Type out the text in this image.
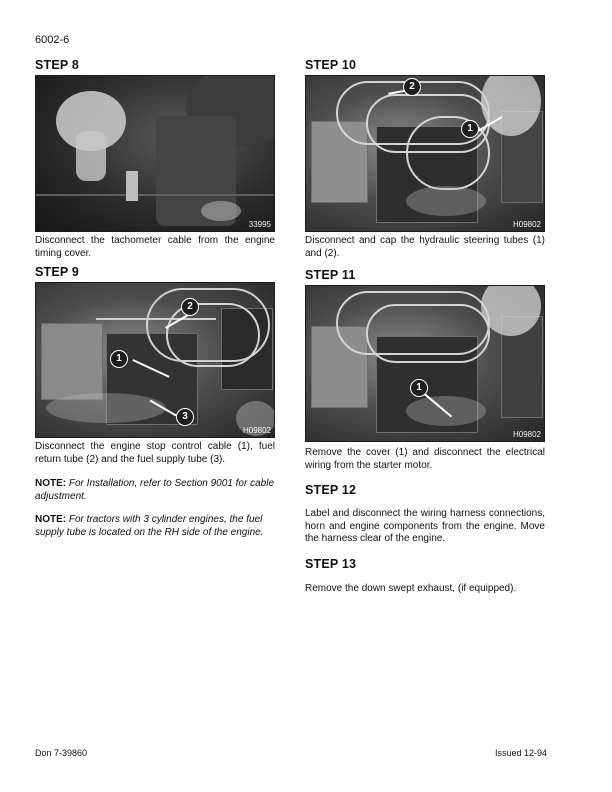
6002-6
STEP 8
33995
Disconnect the tachometer cable from the engine timing cover.
STEP 9
1
2
3
H09802
Disconnect the engine stop control cable (1), fuel return tube (2) and the fuel supply tube (3).
NOTE: For Installation, refer to Section 9001 for cable adjustment.
NOTE: For tractors with 3 cylinder engines, the fuel supply tube is located on the RH side of the engine.
STEP 10
2
1
H09802
Disconnect and cap the hydraulic steering tubes (1) and (2).
STEP 11
1
H09802
Remove the cover (1) and disconnect the electrical wiring from the starter motor.
STEP 12
Label and disconnect the wiring harness connections, horn and engine components from the engine. Move the harness clear of the engine.
STEP 13
Remove the down swept exhaust, (if equipped).
Don 7-39860	Issued 12-94
